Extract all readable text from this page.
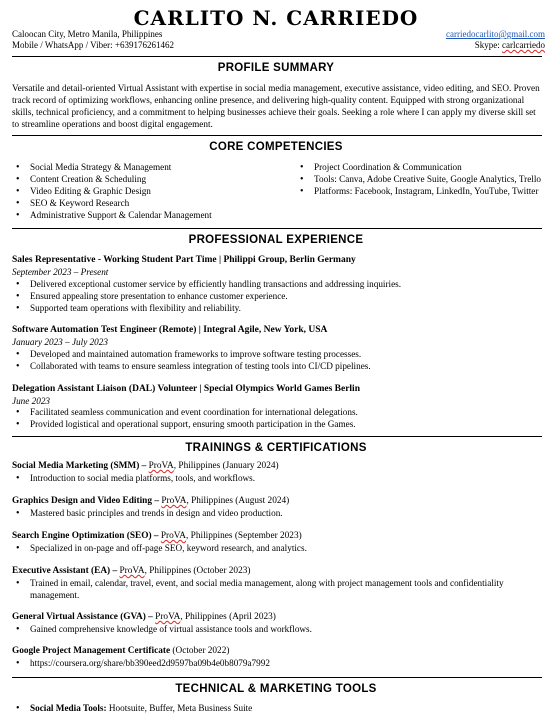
CARLITO N. CARRIEDO
Caloocan City, Metro Manila, Philippines
Mobile / WhatsApp / Viber: +639176261462
carriedocarlito@gmail.com
Skype: carlcarriedo
PROFILE SUMMARY
Versatile and detail-oriented Virtual Assistant with expertise in social media management, executive assistance, video editing, and SEO. Proven track record of optimizing workflows, enhancing online presence, and delivering high-quality content. Equipped with strong organizational skills, technical proficiency, and a commitment to helping businesses achieve their goals. Seeking a role where I can apply my diverse skill set to streamline operations and boost digital engagement.
CORE COMPETENCIES
• Social Media Strategy & Management
• Content Creation & Scheduling
• Video Editing & Graphic Design
• SEO & Keyword Research
• Administrative Support & Calendar Management
• Project Coordination & Communication
• Tools: Canva, Adobe Creative Suite, Google Analytics, Trello
• Platforms: Facebook, Instagram, LinkedIn, YouTube, Twitter
PROFESSIONAL EXPERIENCE
Sales Representative - Working Student Part Time | Philippi Group, Berlin Germany
September 2023 – Present
• Delivered exceptional customer service by efficiently handling transactions and addressing inquiries.
• Ensured appealing store presentation to enhance customer experience.
• Supported team operations with flexibility and reliability.
Software Automation Test Engineer (Remote) | Integral Agile, New York, USA
January 2023 – July 2023
• Developed and maintained automation frameworks to improve software testing processes.
• Collaborated with teams to ensure seamless integration of testing tools into CI/CD pipelines.
Delegation Assistant Liaison (DAL) Volunteer | Special Olympics World Games Berlin
June 2023
• Facilitated seamless communication and event coordination for international delegations.
• Provided logistical and operational support, ensuring smooth participation in the Games.
TRAININGS & CERTIFICATIONS
Social Media Marketing (SMM) – ProVA, Philippines (January 2024)
• Introduction to social media platforms, tools, and workflows.
Graphics Design and Video Editing – ProVA, Philippines (August 2024)
• Mastered basic principles and trends in design and video production.
Search Engine Optimization (SEO) – ProVA, Philippines (September 2023)
• Specialized in on-page and off-page SEO, keyword research, and analytics.
Executive Assistant (EA) – ProVA, Philippines (October 2023)
• Trained in email, calendar, travel, event, and social media management, along with project management tools and confidentiality management.
General Virtual Assistance (GVA) – ProVA, Philippines (April 2023)
• Gained comprehensive knowledge of virtual assistance tools and workflows.
Google Project Management Certificate (October 2022)
• https://coursera.org/share/bb390eed2d9597ba09b4e0b8079a7992
TECHNICAL & MARKETING TOOLS
• Social Media Tools: Hootsuite, Buffer, Meta Business Suite
